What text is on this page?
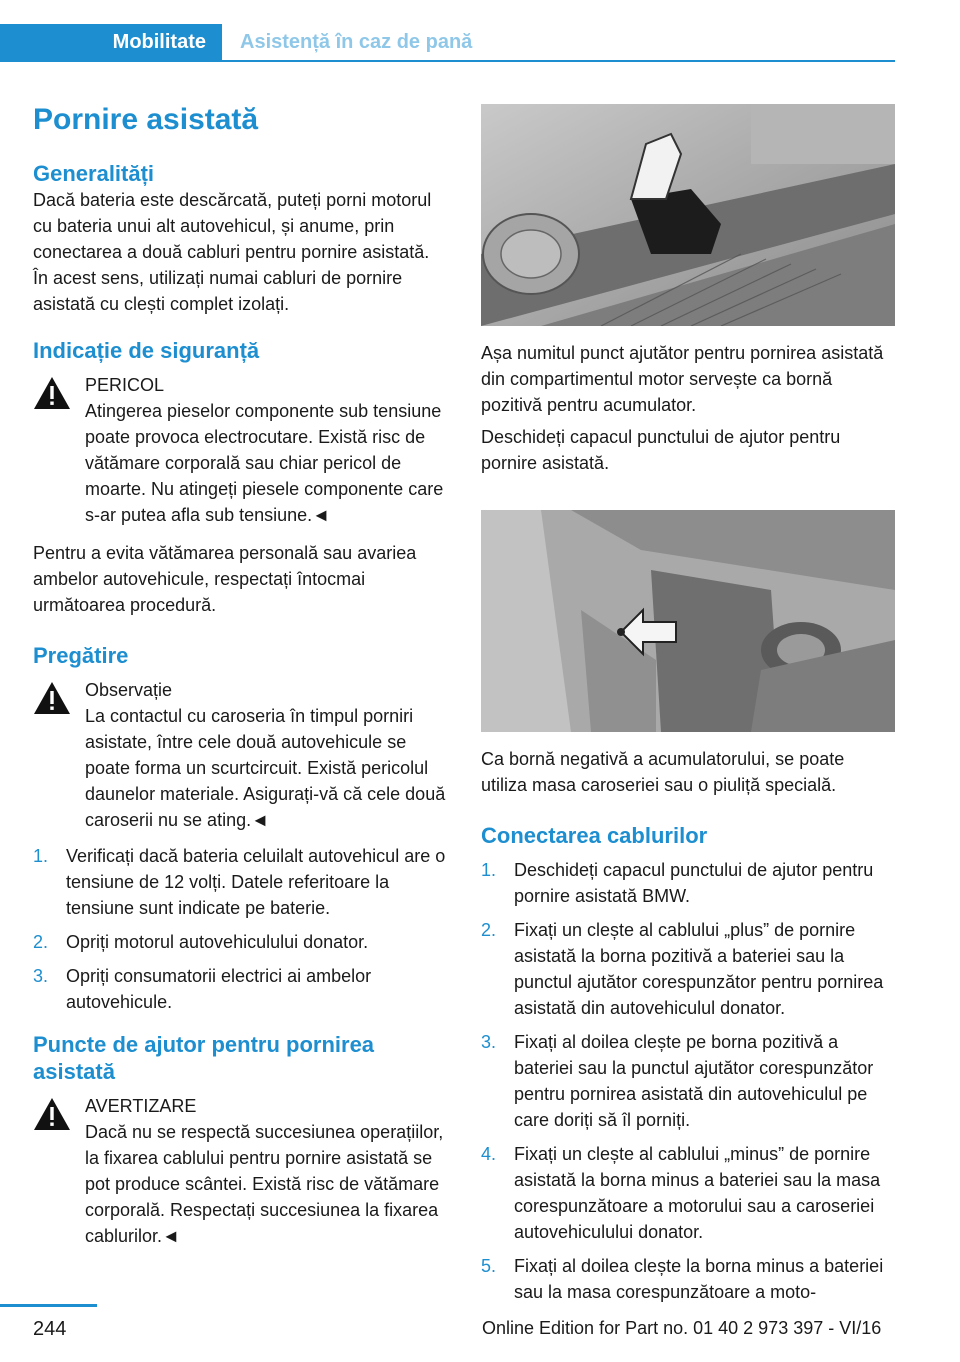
Mobilitate Asistență în caz de pană
Pornire asistată
Generalități

Dacă bateria este descărcată, puteți porni motorul cu bateria unui alt autovehicul, și anume, prin conectarea a două cabluri pentru pornire asistată. În acest sens, utilizați numai cabluri de pornire asistată cu clești complet izolați.

Indicație de siguranță
PERICOL
Atingerea pieselor componente sub tensiune poate provoca electrocutare. Există risc de vătămare corporală sau chiar pericol de moarte. Nu atingeți piesele componente care s-ar putea afla sub tensiune.◄

Pentru a evita vătămarea personală sau avariea ambelor autovehicule, respectați întocmai următoarea procedură.

Pregătire
Observație
La contactul cu caroseria în timpul porniri asistate, între cele două autovehicule se poate forma un scurtcircuit. Există pericolul daunelor materiale. Asigurați-vă că cele două caroserii nu se ating.◄
1. Verificați dacă bateria celuilalt autovehicul are o tensiune de 12 volți. Datele referitoare la tensiune sunt indicate pe baterie.
2. Opriți motorul autovehiculului donator.
3. Opriți consumatorii electrici ai ambelor autovehicule.
Puncte de ajutor pentru pornirea asistată
AVERTIZARE
Dacă nu se respectă succesiunea operațiilor, la fixarea cablului pentru pornire asistată se pot produce scântei. Există risc de vătămare corporală. Respectați succesiunea la fixarea cablurilor.◄

Așa numitul punct ajutător pentru pornirea asistată din compartimentul motor servește ca bornă pozitivă pentru acumulator.

Deschideți capacul punctului de ajutor pentru pornire asistată.

Ca bornă negativă a acumulatorului, se poate utiliza masa caroseriei sau o piuliță specială.

Conectarea cablurilor
1. Deschideți capacul punctului de ajutor pentru pornire asistată BMW.
2. Fixați un clește al cablului „plus” de pornire asistată la borna pozitivă a bateriei sau la punctul ajutător corespunzător pentru pornirea asistată din autovehiculul donator.
3. Fixați al doilea clește pe borna pozitivă a bateriei sau la punctul ajutător corespunzător pentru pornirea asistată din autovehiculul pe care doriți să îl porniți.
4. Fixați un clește al cablului „minus” de pornire asistată la borna minus a bateriei sau la masa corespunzătoare a motorului sau a caroseriei autovehiculului donator.
5. Fixați al doilea clește la borna minus a bateriei sau la masa corespunzătoare a moto-
244	Online Edition for Part no. 01 40 2 973 397 - VI/16
